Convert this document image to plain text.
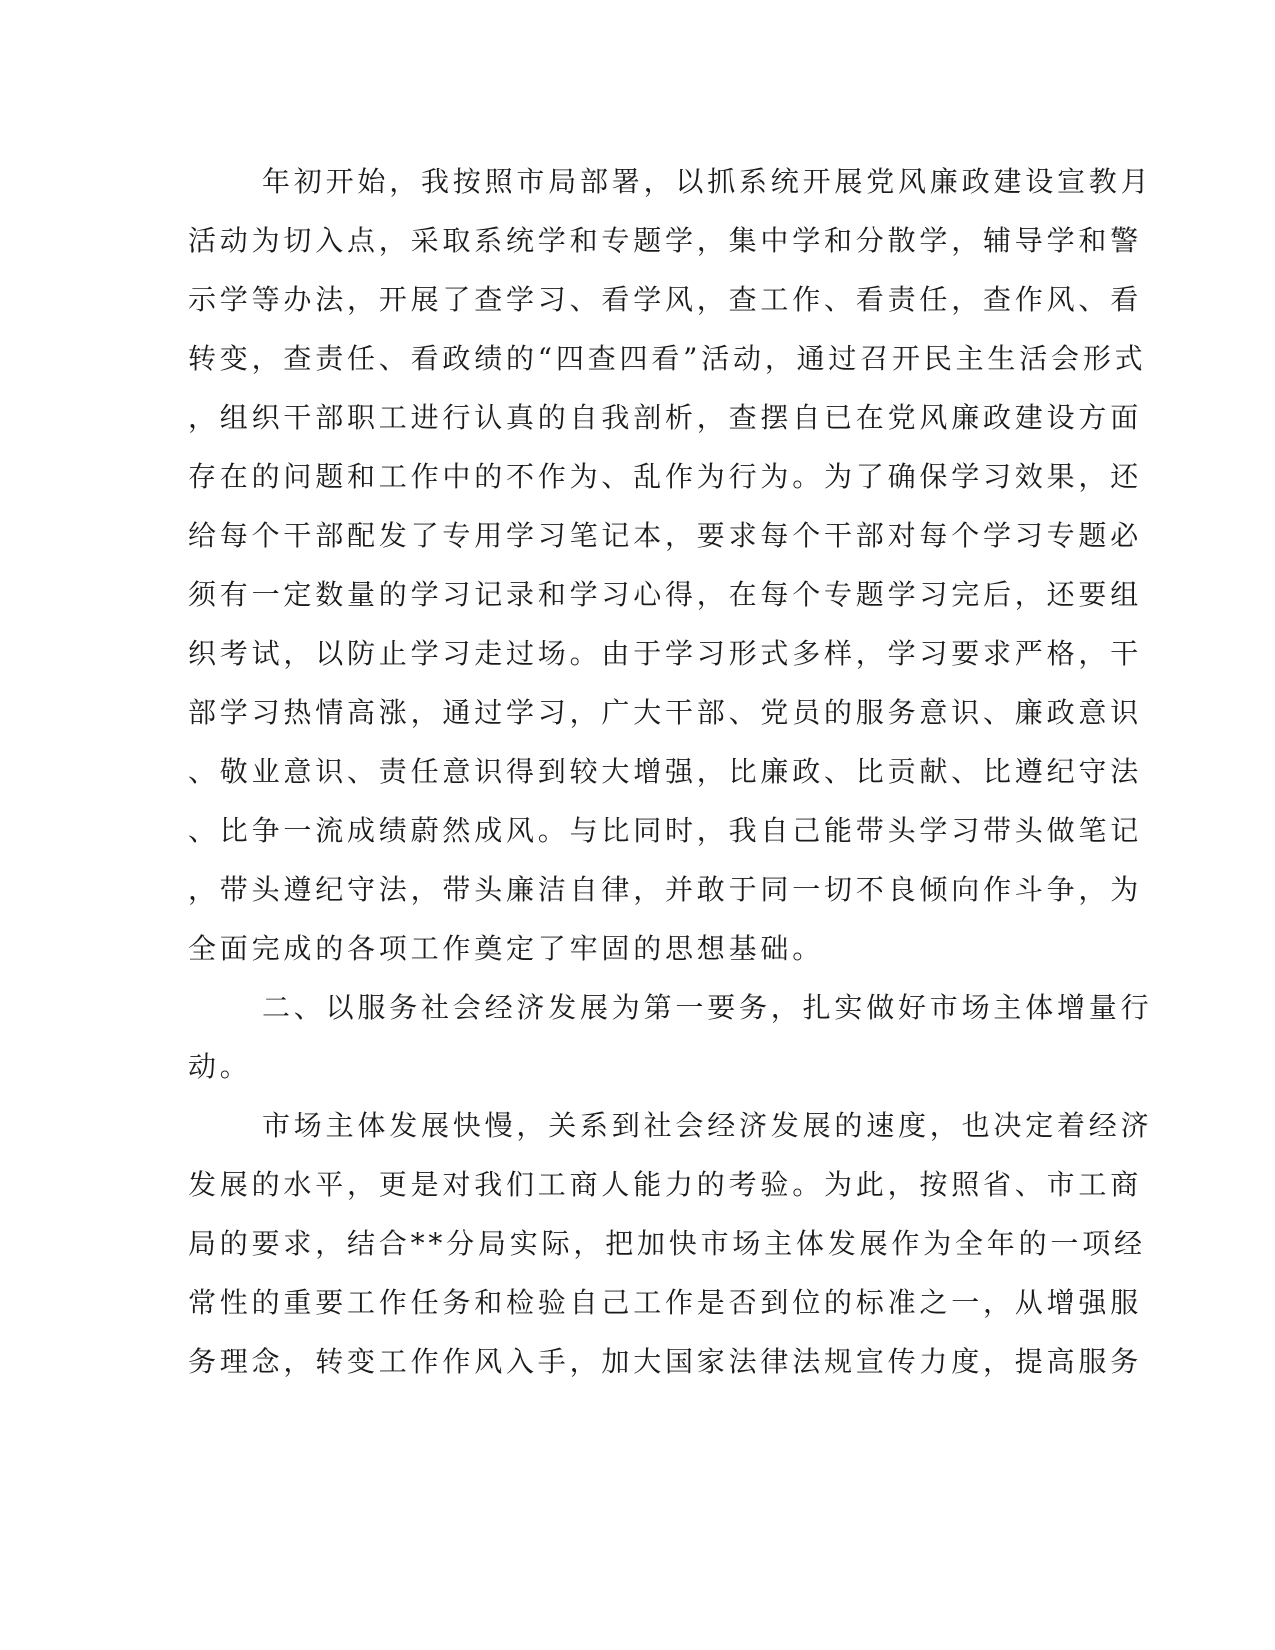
年初开始，我按照市局部署，以抓系统开展党风廉政建设宣教月
活动为切入点，采取系统学和专题学，集中学和分散学，辅导学和警
示学等办法，开展了查学习、看学风，查工作、看责任，查作风、看
转变，查责任、看政绩的“四查四看”活动，通过召开民主生活会形式
，组织干部职工进行认真的自我剖析，查摆自已在党风廉政建设方面
存在的问题和工作中的不作为、乱作为行为。为了确保学习效果，还
给每个干部配发了专用学习笔记本，要求每个干部对每个学习专题必
须有一定数量的学习记录和学习心得，在每个专题学习完后，还要组
织考试，以防止学习走过场。由于学习形式多样，学习要求严格，干
部学习热情高涨，通过学习，广大干部、党员的服务意识、廉政意识
、敬业意识、责任意识得到较大增强，比廉政、比贡献、比遵纪守法
、比争一流成绩蔚然成风。与比同时，我自己能带头学习带头做笔记
，带头遵纪守法，带头廉洁自律，并敢于同一切不良倾向作斗争，为
全面完成的各项工作奠定了牢固的思想基础。
二、以服务社会经济发展为第一要务，扎实做好市场主体增量行
动。
市场主体发展快慢，关系到社会经济发展的速度，也决定着经济
发展的水平，更是对我们工商人能力的考验。为此，按照省、市工商
局的要求，结合**分局实际，把加快市场主体发展作为全年的一项经
常性的重要工作任务和检验自己工作是否到位的标准之一，从增强服
务理念，转变工作作风入手，加大国家法律法规宣传力度，提高服务
